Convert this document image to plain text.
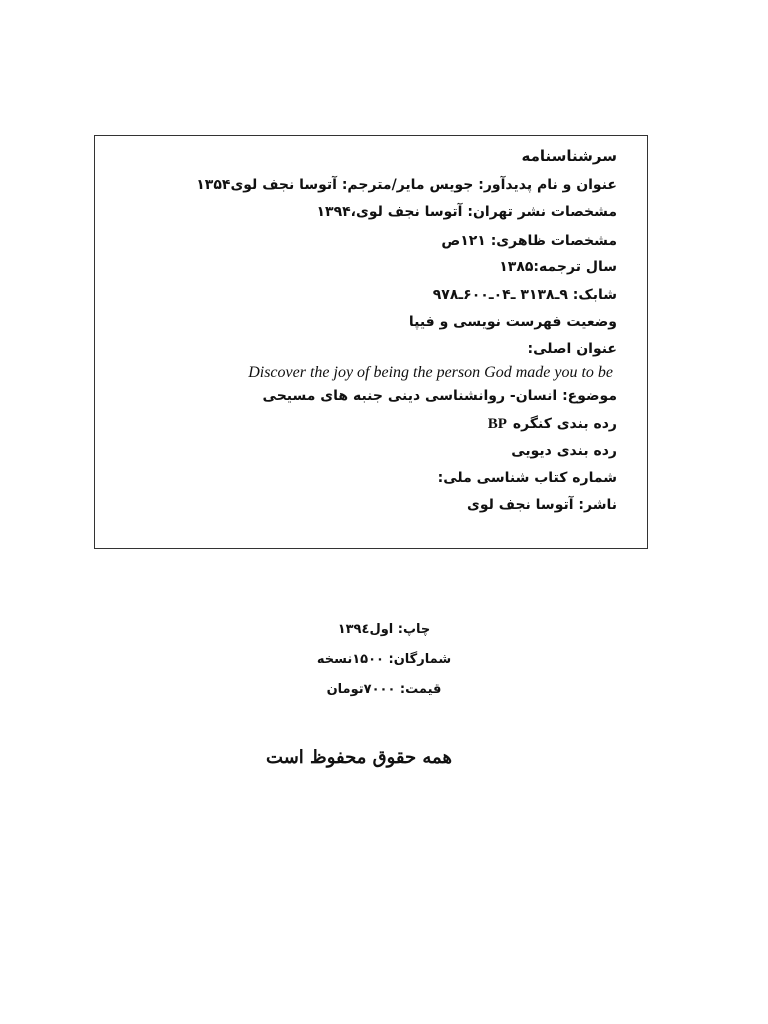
سرشناسنامه
عنوان و نام پدیدآور: جویس مایر/مترجم: آتوسا نجف لوی۱۳۵۴
مشخصات نشر تهران: آتوسا نجف لوی،۱۳۹۴
مشخصات ظاهری: ۱۲۱ص
سال ترجمه:۱۳۸۵
شابک: ۹ـ۳۱۳۸ ـ۰۴ـ۶۰۰ـ۹۷۸
وضعیت فهرست نویسی و فیپا
عنوان اصلی:
Discover the joy of being the person God made you to be
موضوع: انسان- روانشناسی دینی جنبه های مسیحی
رده بندی کنگرهBP
رده بندی دیویی
شماره کتاب شناسی ملی:
ناشر: آتوسا نجف لوی
چاپ: اول۱۳۹٤
شمارگان: ۱۵۰۰نسخه
قیمت: ۷۰۰۰تومان
همه حقوق محفوظ است
